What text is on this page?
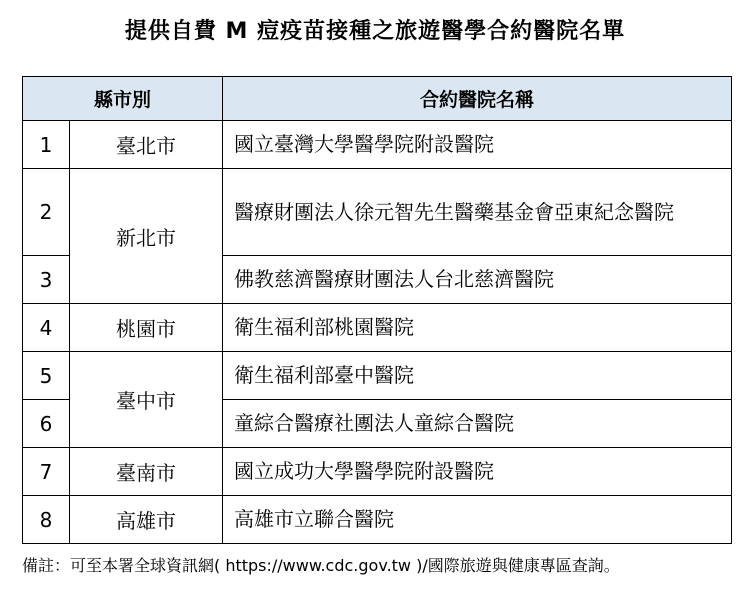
提供自費 M 痘疫苗接種之旅遊醫學合約醫院名單
縣市別		合約醫院名稱
1	臺北市	國立臺灣大學醫學院附設醫院
2	新北市	醫療財團法人徐元智先生醫藥基金會亞東紀念醫院
3		佛教慈濟醫療財團法人台北慈濟醫院
4	桃園市	衛生福利部桃園醫院
5	臺中市	衛生福利部臺中醫院
6		童綜合醫療社團法人童綜合醫院
7	臺南市	國立成功大學醫學院附設醫院
8	高雄市	高雄市立聯合醫院
備註：可至本署全球資訊網( https://www.cdc.gov.tw )/國際旅遊與健康專區查詢。
